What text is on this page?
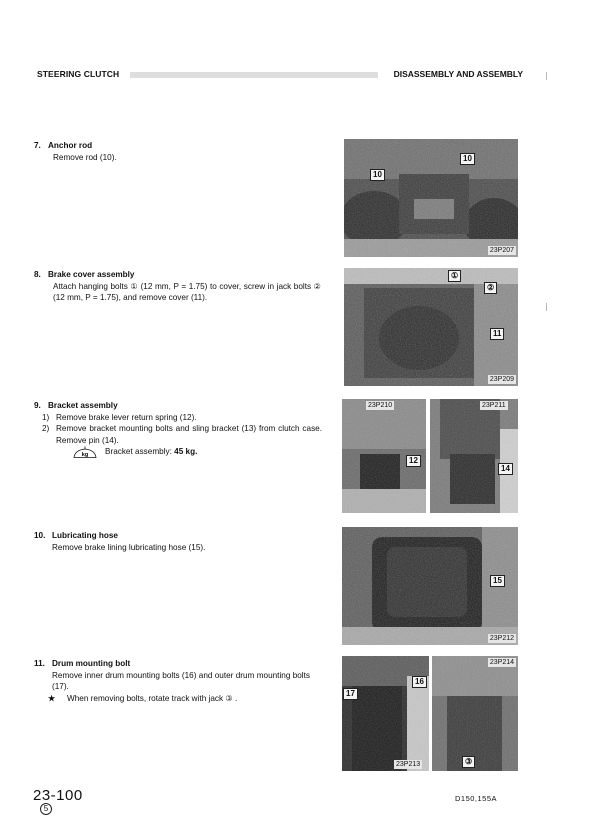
STEERING CLUTCH	DISASSEMBLY AND ASSEMBLY
7. Anchor rod
Remove rod (10).
8. Brake cover assembly
Attach hanging bolts ① (12 mm, P = 1.75) to cover, screw in jack bolts ② (12 mm, P = 1.75), and remove cover (11).
9. Bracket assembly
1) Remove brake lever return spring (12).
2) Remove bracket mounting bolts and sling bracket (13) from clutch case. Remove pin (14).
kg Bracket assembly: 45 kg.
10. Lubricating hose
Remove brake lining lubricating hose (15).
11. Drum mounting bolt
Remove inner drum mounting bolts (16) and outer drum mounting bolts (17).
★ When removing bolts, rotate track with jack ③ .
10
10
23P207
①
②
11
23P209
23P210
12
23P211
14
15
23P212
16
17
23P213
23P214
③
23-100
5
D150,155A
